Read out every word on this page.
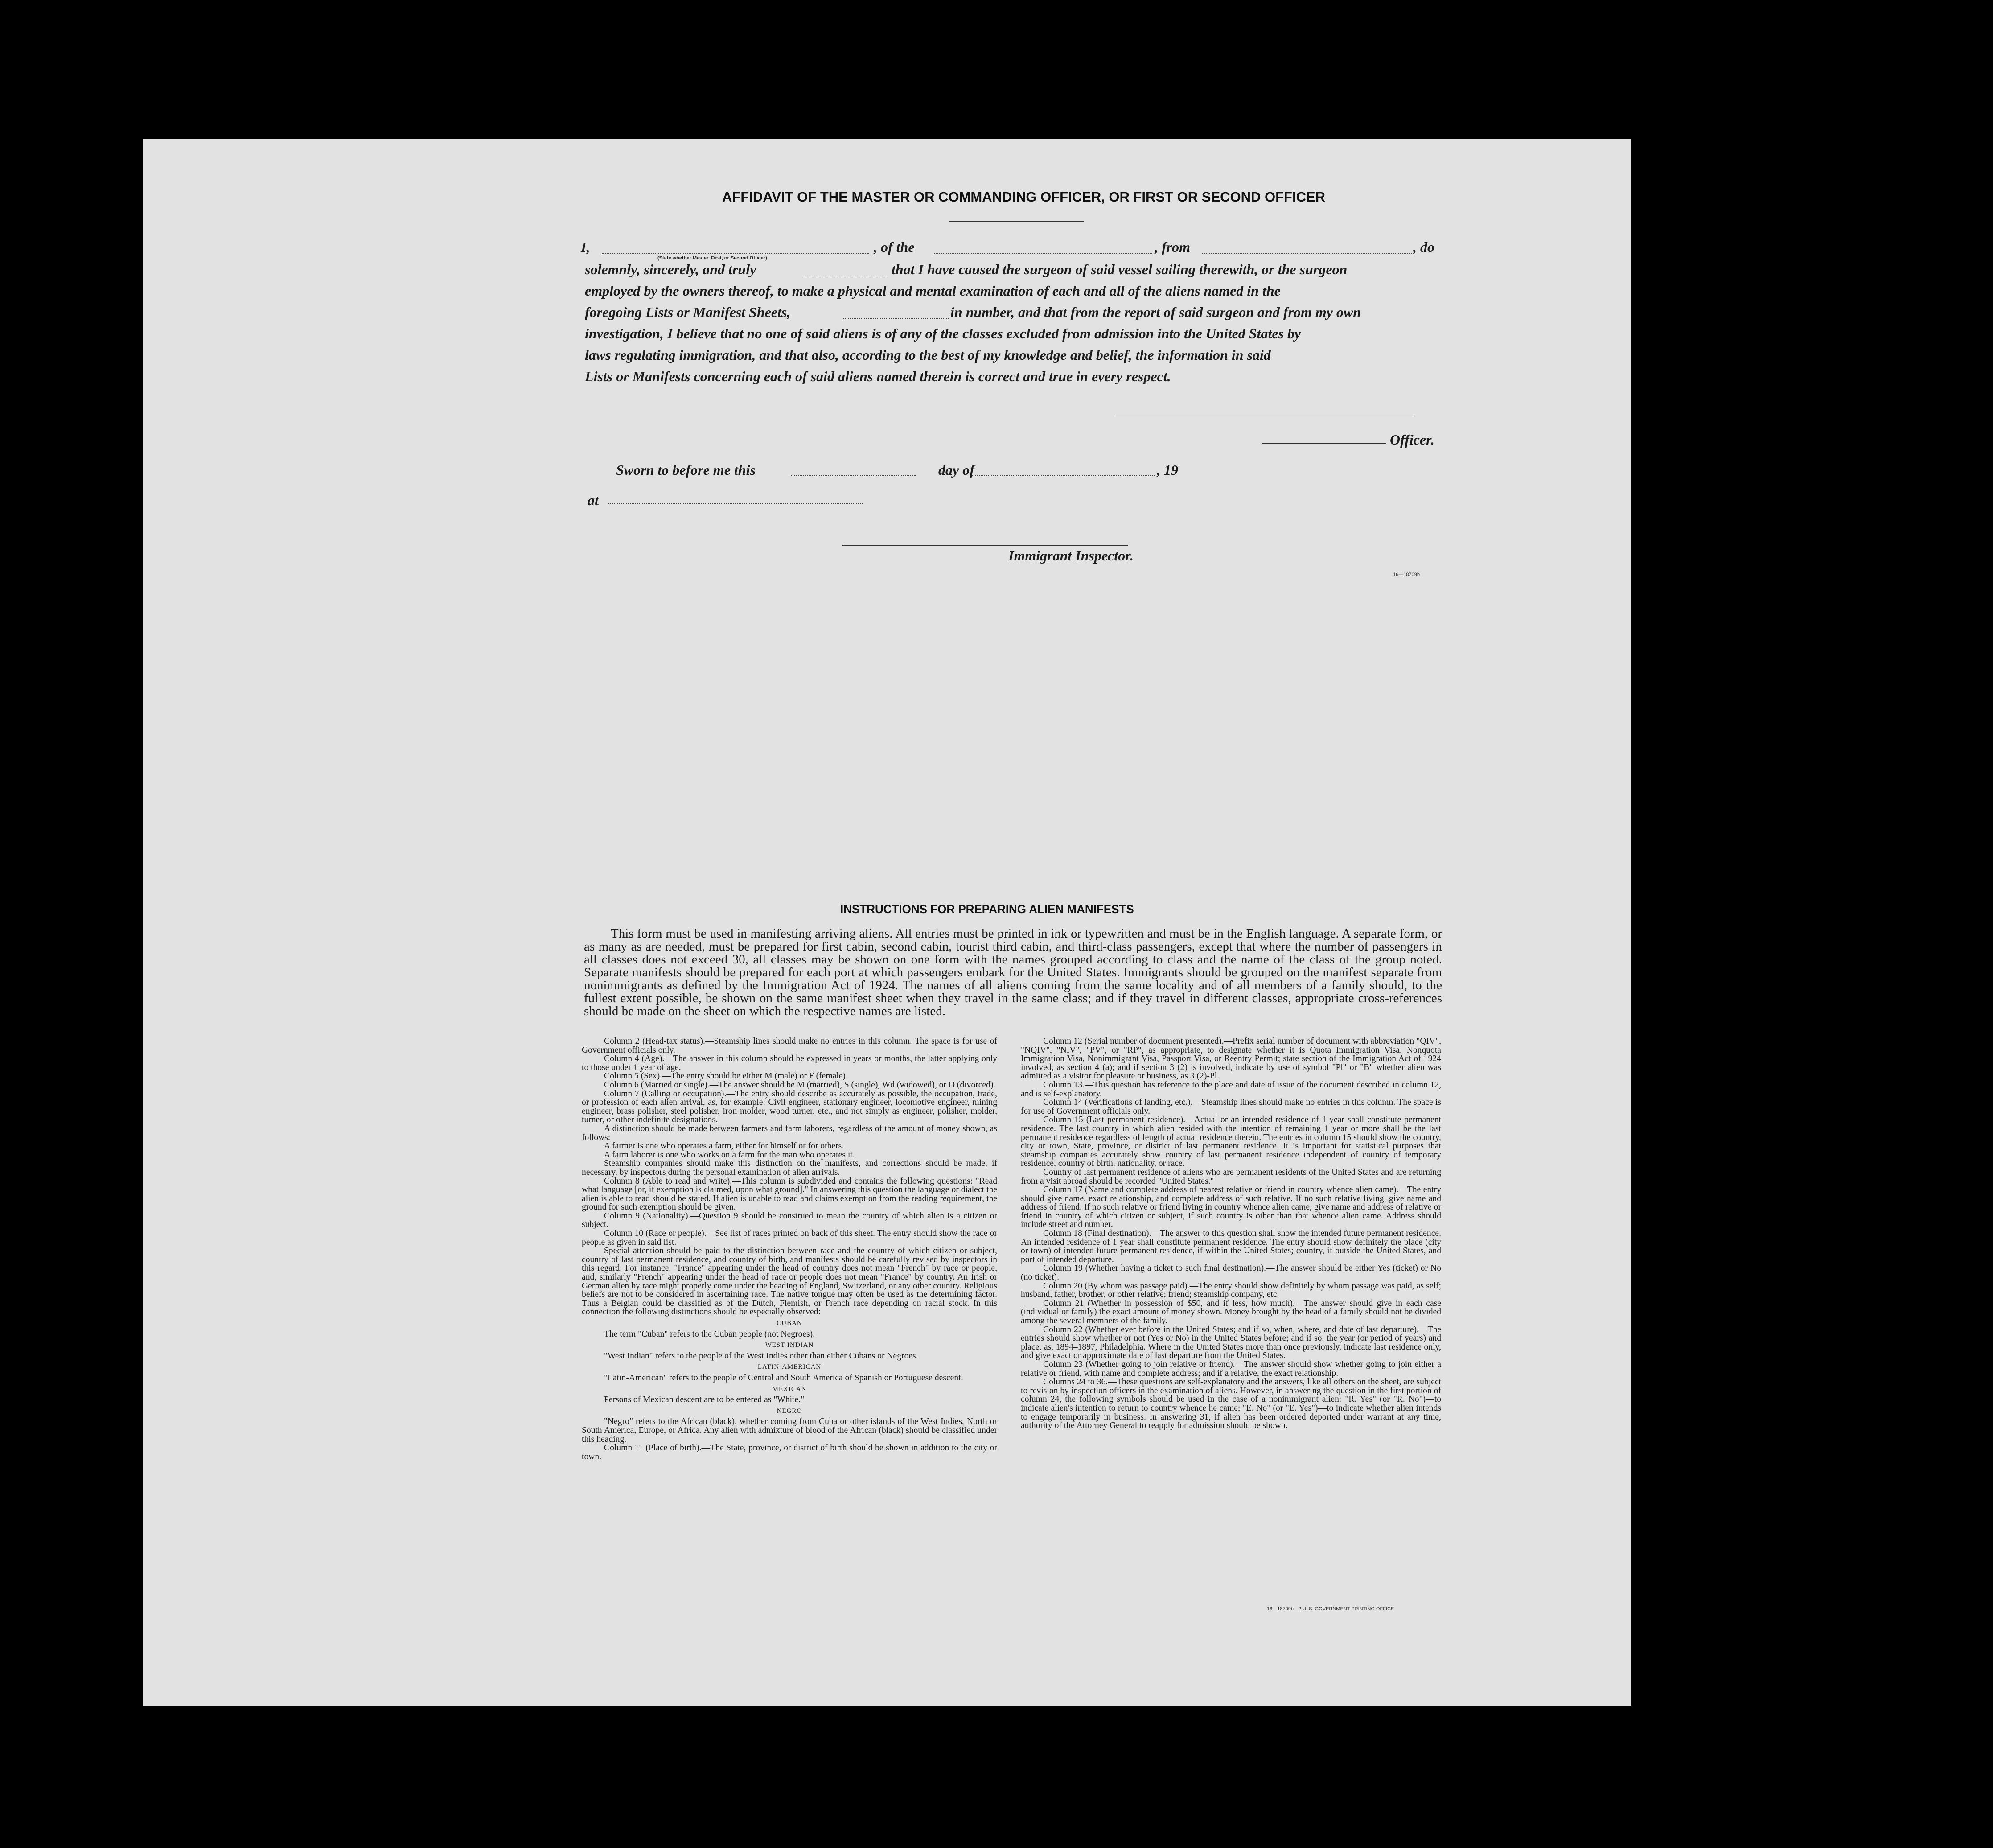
AFFIDAVIT OF THE MASTER OR COMMANDING OFFICER, OR FIRST OR SECOND OFFICER
I,	, of the	, from	, do
(State whether Master, First, or Second Officer)
solemnly, sincerely, and truly	that I have caused the surgeon of said vessel sailing therewith, or the surgeon
employed by the owners thereof, to make a physical and mental examination of each and all of the aliens named in the
foregoing Lists or Manifest Sheets,	in number, and that from the report of said surgeon and from my own
investigation, I believe that no one of said aliens is of any of the classes excluded from admission into the United States by
laws regulating immigration, and that also, according to the best of my knowledge and belief, the information in said
Lists or Manifests concerning each of said aliens named therein is correct and true in every respect.
Officer.
Sworn to before me this	day of	, 19
at
Immigrant Inspector.
16—18709b
INSTRUCTIONS FOR PREPARING ALIEN MANIFESTS
This form must be used in manifesting arriving aliens. All entries must be printed in ink or typewritten and must be in the English language. A separate form, or as many as are needed, must be prepared for first cabin, second cabin, tourist third cabin, and third-class passengers, except that where the number of passengers in all classes does not exceed 30, all classes may be shown on one form with the names grouped according to class and the name of the class of the group noted. Separate manifests should be prepared for each port at which passengers embark for the United States. Immigrants should be grouped on the manifest separate from nonimmigrants as defined by the Immigration Act of 1924. The names of all aliens coming from the same locality and of all members of a family should, to the fullest extent possible, be shown on the same manifest sheet when they travel in the same class; and if they travel in different classes, appropriate cross-references should be made on the sheet on which the respective names are listed.

Column 2 (Head-tax status).—Steamship lines should make no entries in this column. The space is for use of Government officials only.

Column 4 (Age).—The answer in this column should be expressed in years or months, the latter applying only to those under 1 year of age.

Column 5 (Sex).—The entry should be either M (male) or F (female).

Column 6 (Married or single).—The answer should be M (married), S (single), Wd (widowed), or D (divorced).

Column 7 (Calling or occupation).—The entry should describe as accurately as possible, the occupation, trade, or profession of each alien arrival, as, for example: Civil engineer, stationary engineer, locomotive engineer, mining engineer, brass polisher, steel polisher, iron molder, wood turner, etc., and not simply as engineer, polisher, molder, turner, or other indefinite designations.

A distinction should be made between farmers and farm laborers, regardless of the amount of money shown, as follows:

A farmer is one who operates a farm, either for himself or for others.

A farm laborer is one who works on a farm for the man who operates it.

Steamship companies should make this distinction on the manifests, and corrections should be made, if necessary, by inspectors during the personal examination of alien arrivals.

Column 8 (Able to read and write).—This column is subdivided and contains the following questions: "Read what language [or, if exemption is claimed, upon what ground]." In answering this question the language or dialect the alien is able to read should be stated. If alien is unable to read and claims exemption from the reading requirement, the ground for such exemption should be given.

Column 9 (Nationality).—Question 9 should be construed to mean the country of which alien is a citizen or subject.

Column 10 (Race or people).—See list of races printed on back of this sheet. The entry should show the race or people as given in said list.

Special attention should be paid to the distinction between race and the country of which citizen or subject, country of last permanent residence, and country of birth, and manifests should be carefully revised by inspectors in this regard. For instance, "France" appearing under the head of country does not mean "French" by race or people, and, similarly "French" appearing under the head of race or people does not mean "France" by country. An Irish or German alien by race might properly come under the heading of England, Switzerland, or any other country. Religious beliefs are not to be considered in ascertaining race. The native tongue may often be used as the determining factor. Thus a Belgian could be classified as of the Dutch, Flemish, or French race depending on racial stock. In this connection the following distinctions should be especially observed:

CUBAN

The term "Cuban" refers to the Cuban people (not Negroes).

WEST INDIAN

"West Indian" refers to the people of the West Indies other than either Cubans or Negroes.

LATIN-AMERICAN

"Latin-American" refers to the people of Central and South America of Spanish or Portuguese descent.

MEXICAN

Persons of Mexican descent are to be entered as "White."

NEGRO

"Negro" refers to the African (black), whether coming from Cuba or other islands of the West Indies, North or South America, Europe, or Africa. Any alien with admixture of blood of the African (black) should be classified under this heading.

Column 11 (Place of birth).—The State, province, or district of birth should be shown in addition to the city or town.

Column 12 (Serial number of document presented).—Prefix serial number of document with abbreviation "QIV", "NQIV", "NIV", "PV", or "RP", as appropriate, to designate whether it is Quota Immigration Visa, Nonquota Immigration Visa, Nonimmigrant Visa, Passport Visa, or Reentry Permit; state section of the Immigration Act of 1924 involved, as section 4 (a); and if section 3 (2) is involved, indicate by use of symbol "Pl" or "B" whether alien was admitted as a visitor for pleasure or business, as 3 (2)-Pl.

Column 13.—This question has reference to the place and date of issue of the document described in column 12, and is self-explanatory.

Column 14 (Verifications of landing, etc.).—Steamship lines should make no entries in this column. The space is for use of Government officials only.

Column 15 (Last permanent residence).—Actual or an intended residence of 1 year shall constitute permanent residence. The last country in which alien resided with the intention of remaining 1 year or more shall be the last permanent residence regardless of length of actual residence therein. The entries in column 15 should show the country, city or town, State, province, or district of last permanent residence. It is important for statistical purposes that steamship companies accurately show country of last permanent residence independent of country of temporary residence, country of birth, nationality, or race.

Country of last permanent residence of aliens who are permanent residents of the United States and are returning from a visit abroad should be recorded "United States."

Column 17 (Name and complete address of nearest relative or friend in country whence alien came).—The entry should give name, exact relationship, and complete address of such relative. If no such relative living, give name and address of friend. If no such relative or friend living in country whence alien came, give name and address of relative or friend in country of which citizen or subject, if such country is other than that whence alien came. Address should include street and number.

Column 18 (Final destination).—The answer to this question shall show the intended future permanent residence. An intended residence of 1 year shall constitute permanent residence. The entry should show definitely the place (city or town) of intended future permanent residence, if within the United States; country, if outside the United States, and port of intended departure.

Column 19 (Whether having a ticket to such final destination).—The answer should be either Yes (ticket) or No (no ticket).

Column 20 (By whom was passage paid).—The entry should show definitely by whom passage was paid, as self; husband, father, brother, or other relative; friend; steamship company, etc.

Column 21 (Whether in possession of $50, and if less, how much).—The answer should give in each case (individual or family) the exact amount of money shown. Money brought by the head of a family should not be divided among the several members of the family.

Column 22 (Whether ever before in the United States; and if so, when, where, and date of last departure).—The entries should show whether or not (Yes or No) in the United States before; and if so, the year (or period of years) and place, as, 1894–1897, Philadelphia. Where in the United States more than once previously, indicate last residence only, and give exact or approximate date of last departure from the United States.

Column 23 (Whether going to join relative or friend).—The answer should show whether going to join either a relative or friend, with name and complete address; and if a relative, the exact relationship.

Columns 24 to 36.—These questions are self-explanatory and the answers, like all others on the sheet, are subject to revision by inspection officers in the examination of aliens. However, in answering the question in the first portion of column 24, the following symbols should be used in the case of a nonimmigrant alien: "R. Yes" (or "R. No")—to indicate alien's intention to return to country whence he came; "E. No" (or "E. Yes")—to indicate whether alien intends to engage temporarily in business. In answering 31, if alien has been ordered deported under warrant at any time, authority of the Attorney General to reapply for admission should be shown.

16—18709b—2 U. S. GOVERNMENT PRINTING OFFICE
